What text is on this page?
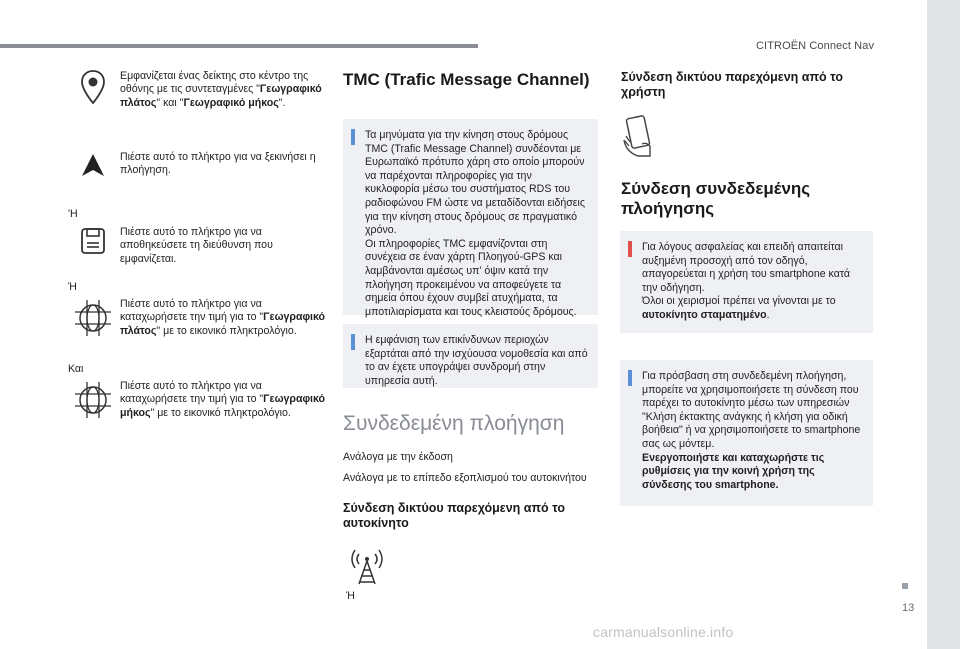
CITROËN Connect Nav
13
carmanualsonline.info
Εμφανίζεται ένας δείκτης στο κέντρο της οθόνης με τις συντεταγμένες "Γεωγραφικό πλάτος" και "Γεωγραφικό μήκος".
Πιέστε αυτό το πλήκτρο για να ξεκινήσει η πλοήγηση.
'Η
Πιέστε αυτό το πλήκτρο για να αποθηκεύσετε τη διεύθυνση που εμφανίζεται.
Ή
Πιέστε αυτό το πλήκτρο για να καταχωρήσετε την τιμή για το "Γεωγραφικό πλάτος" με το εικονικό πληκτρολόγιο.
Και
Πιέστε αυτό το πλήκτρο για να καταχωρήσετε την τιμή για το "Γεωγραφικό μήκος" με το εικονικό πληκτρολόγιο.
TMC (Trafic Message Channel)
Τα μηνύματα για την κίνηση στους δρόμους TMC (Trafic Message Channel) συνδέονται με Ευρωπαϊκό πρότυπο χάρη στο οποίο μπορούν να παρέχονται πληροφορίες για την κυκλοφορία μέσω του συστήματος RDS του ραδιοφώνου FM ώστε να μεταδίδονται ειδήσεις για την κίνηση στους δρόμους σε πραγματικό χρόνο.
Οι πληροφορίες TMC εμφανίζονται στη συνέχεια σε έναν χάρτη Πλοηγού-GPS και λαμβάνονται αμέσως υπ' όψιν κατά την πλοήγηση προκειμένου να αποφεύγετε τα σημεία όπου έχουν συμβεί ατυχήματα, τα μποτιλιαρίσματα και τους κλειστούς δρόμους.
Η εμφάνιση των επικίνδυνων περιοχών εξαρτάται από την ισχύουσα νομοθεσία και από το αν έχετε υπογράψει συνδρομή στην υπηρεσία αυτή.
Συνδεδεμένη πλοήγηση
Ανάλογα με την έκδοση
Ανάλογα με το επίπεδο εξοπλισμού του αυτοκινήτου
Σύνδεση δικτύου παρεχόμενη από το αυτοκίνητο
Ή
Σύνδεση δικτύου παρεχόμενη από το χρήστη
Σύνδεση συνδεδεμένης πλοήγησης
Για λόγους ασφαλείας και επειδή απαιτείται αυξημένη προσοχή από τον οδηγό, απαγορεύεται η χρήση του smartphone κατά την οδήγηση.
Όλοι οι χειρισμοί πρέπει να γίνονται με το αυτοκίνητο σταματημένο.
Για πρόσβαση στη συνδεδεμένη πλοήγηση, μπορείτε να χρησιμοποιήσετε τη σύνδεση που παρέχει το αυτοκίνητο μέσω των υπηρεσιών "Κλήση έκτακτης ανάγκης ή κλήση για οδική βοήθεια" ή να χρησιμοποιήσετε το smartphone σας ως μόντεμ.
Ενεργοποιήστε και καταχωρήστε τις ρυθμίσεις για την κοινή χρήση της σύνδεσης του smartphone.
